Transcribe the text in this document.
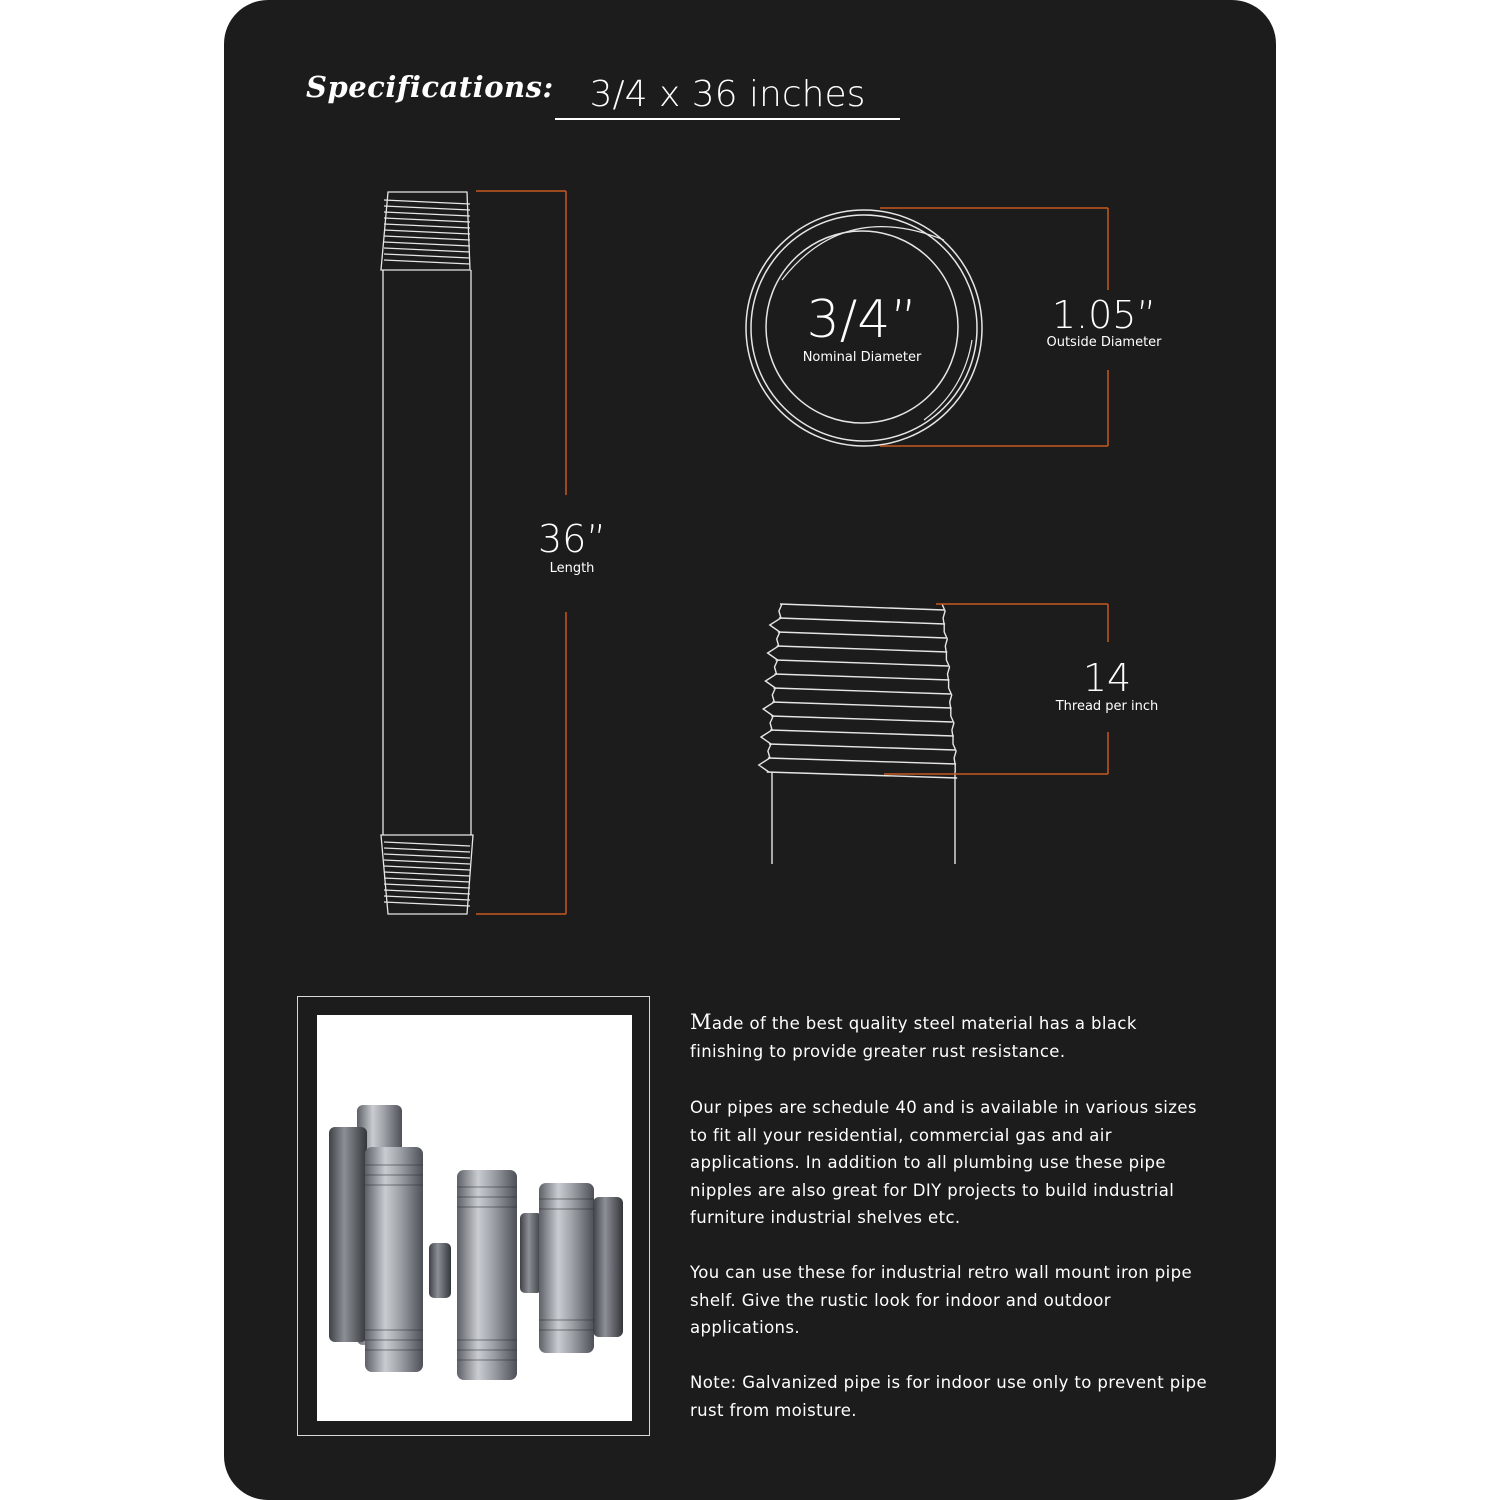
Specifications: 3/4 x 36 inches
36”
Length
3/4”
Nominal Diameter
1.05”
Outside Diameter
14
Thread per inch
Made of the best quality steel material has a black finishing to provide greater rust resistance.
Our pipes are schedule 40 and is available in various sizes to fit all your residential, commercial gas and air applications. In addition to all plumbing use these pipe nipples are also great for DIY projects to build industrial furniture industrial shelves etc.
You can use these for industrial retro wall mount iron pipe shelf. Give the rustic look for indoor and outdoor applications.
Note: Galvanized pipe is for indoor use only to prevent pipe rust from moisture.
